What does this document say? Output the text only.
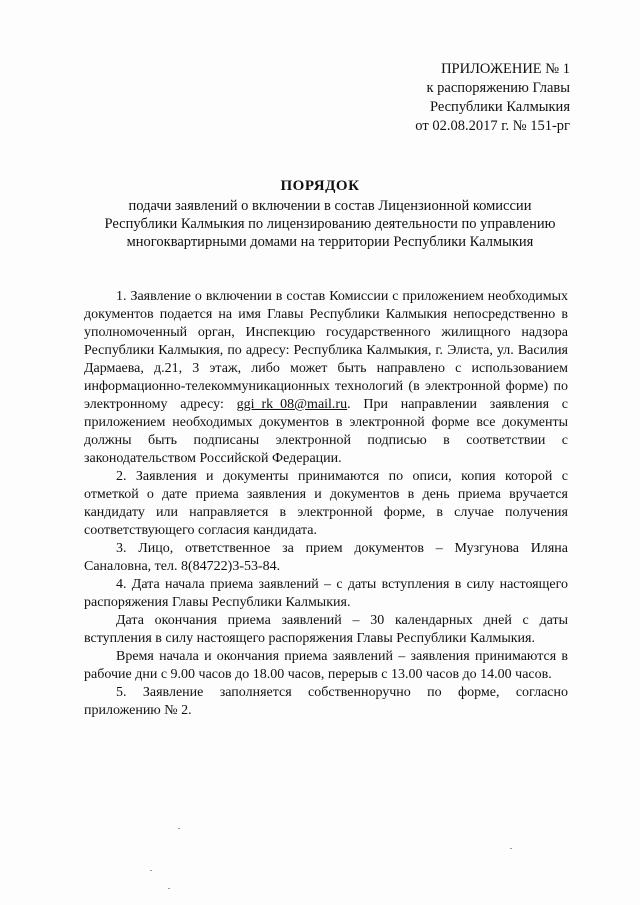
ПРИЛОЖЕНИЕ № 1
к распоряжению Главы
Республики Калмыкия
от 02.08.2017 г. № 151-рг
ПОРЯДОК
подачи заявлений о включении в состав Лицензионной комиссии
Республики Калмыкия по лицензированию деятельности по управлению
многоквартирными домами на территории Республики Калмыкия

1. Заявление о включении в состав Комиссии с приложением необходимых документов подается на имя Главы Республики Калмыкия непосредственно в уполномоченный орган, Инспекцию государственного жилищного надзора Республики Калмыкия, по адресу: Республика Калмыкия, г. Элиста, ул. Василия Дармаева, д.21, 3 этаж, либо может быть направлено с использованием информационно-телекоммуникационных технологий (в электронной форме) по электронному адресу: ggi_rk_08@mail.ru. При направлении заявления с приложением необходимых документов в электронной форме все документы должны быть подписаны электронной подписью в соответствии с законодательством Российской Федерации.

2. Заявления и документы принимаются по описи, копия которой с отметкой о дате приема заявления и документов в день приема вручается кандидату или направляется в электронной форме, в случае получения соответствующего согласия кандидата.

3. Лицо, ответственное за прием документов – Музгунова Иляна Саналовна, тел. 8(84722)3-53-84.

4. Дата начала приема заявлений – с даты вступления в силу настоящего распоряжения Главы Республики Калмыкия.

Дата окончания приема заявлений – 30 календарных дней с даты вступления в силу настоящего распоряжения Главы Республики Калмыкия.

Время начала и окончания приема заявлений – заявления принимаются в рабочие дни с 9.00 часов до 18.00 часов, перерыв с 13.00 часов до 14.00 часов.

5. Заявление заполняется собственноручно по форме, согласно приложению № 2.
